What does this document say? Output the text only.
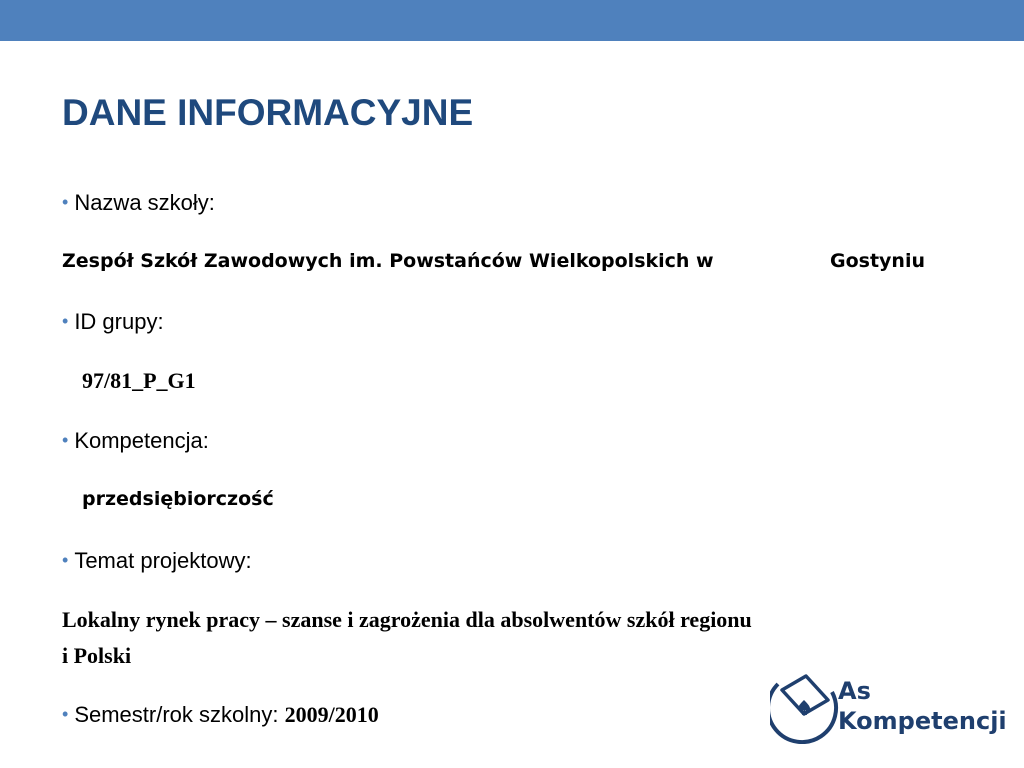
DANE INFORMACYJNE
• Nazwa szkoły:
Zespół Szkół Zawodowych im. Powstańców Wielkopolskich w	Gostyniu
• ID grupy:
97/81_P_G1
• Kompetencja:
przedsiębiorczość
• Temat projektowy:
Lokalny rynek pracy – szanse i zagrożenia dla absolwentów szkół regionu
i Polski
• Semestr/rok szkolny: 2009/2010
As
Kompetencji
